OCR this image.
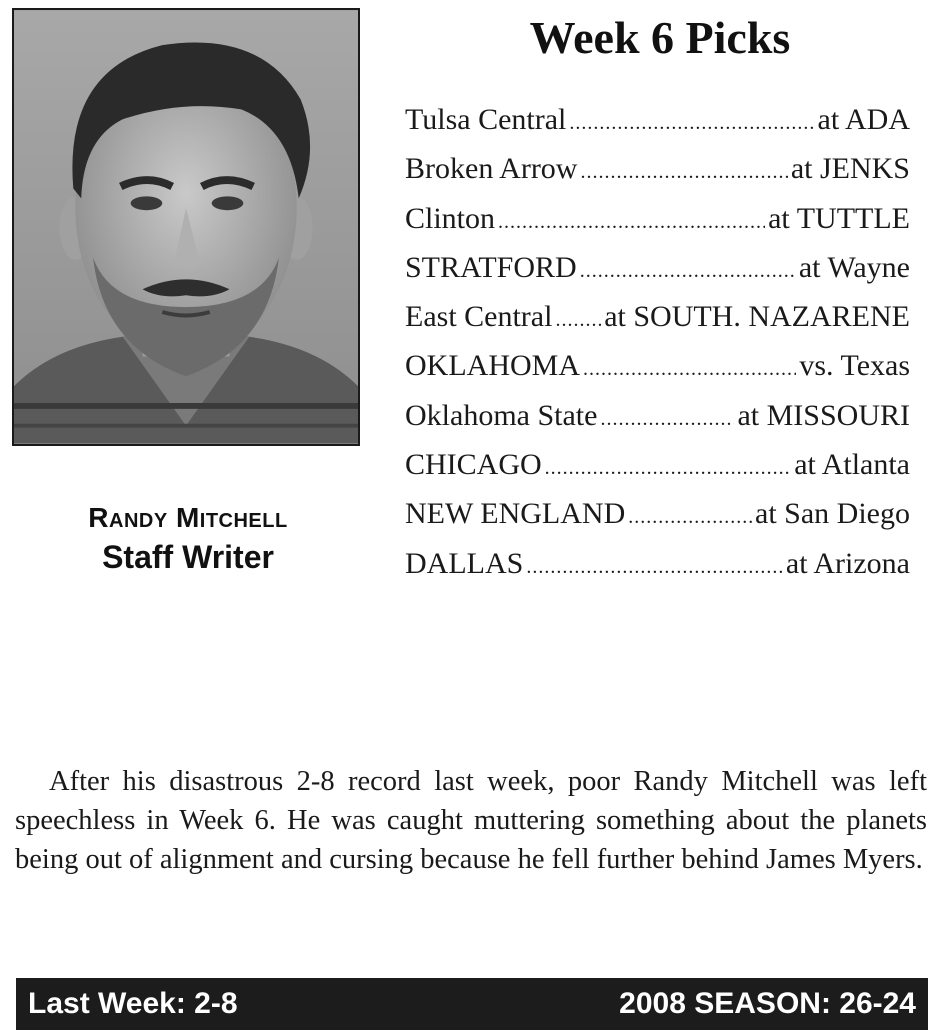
Randy Mitchell
Staff Writer
Week 6 Picks
Tulsa Central .....	at ADA
Broken Arrow .....	at JENKS
Clinton .....	at TUTTLE
STRATFORD .....	at Wayne
East Central ..... at SOUTH. NAZARENE
OKLAHOMA .....	vs. Texas
Oklahoma State .....	at MISSOURI
CHICAGO .....	at Atlanta
NEW ENGLAND .....	at San Diego
DALLAS .....	at Arizona

After his disastrous 2-8 record last week, poor Randy Mitchell was left speechless in Week 6. He was caught muttering something about the planets being out of alignment and cursing because he fell further behind James Myers.

Last Week: 2-8	2008 SEASON: 26-24
